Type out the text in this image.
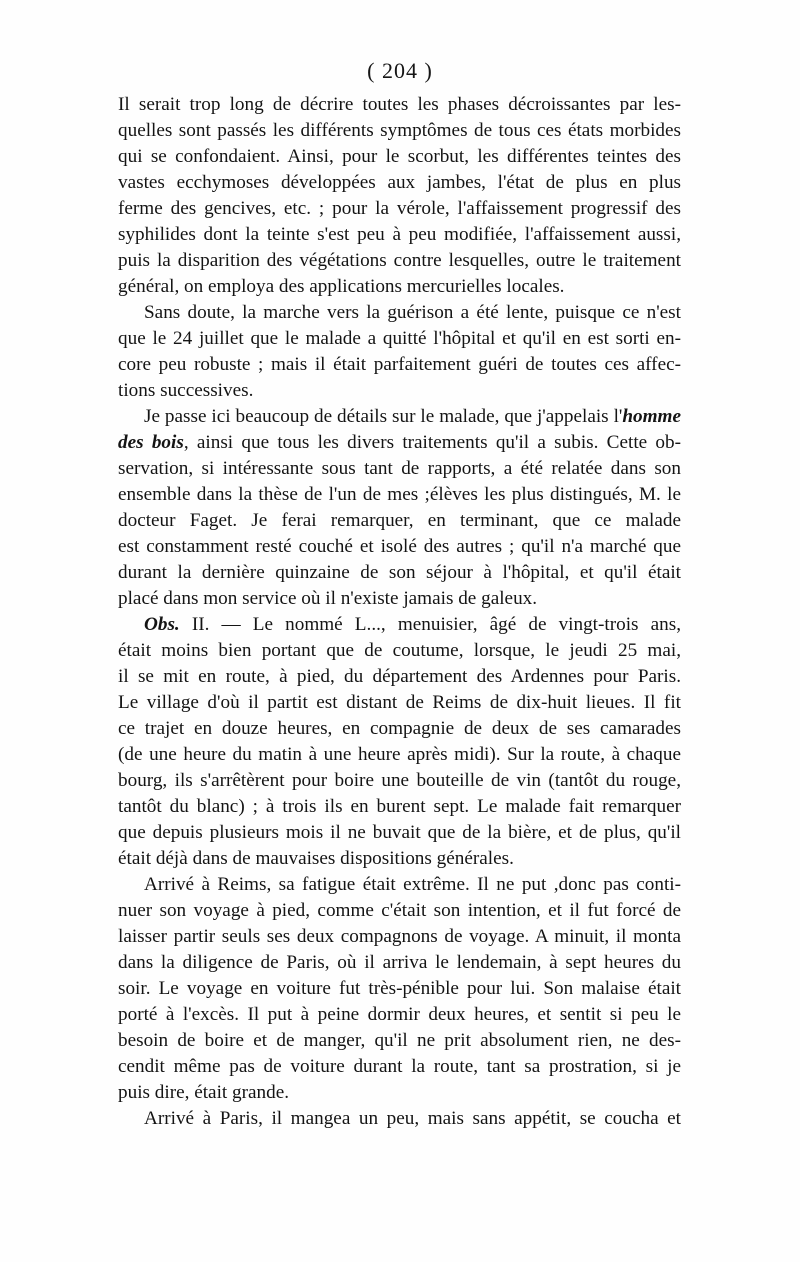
( 204 )

Il serait trop long de décrire toutes les phases décroissantes par les-
quelles sont passés les différents symptômes de tous ces états morbides
qui se confondaient. Ainsi, pour le scorbut, les différentes teintes des
vastes ecchymoses développées aux jambes, l'état de plus en plus
ferme des gencives, etc. ; pour la vérole, l'affaissement progressif des
syphilides dont la teinte s'est peu à peu modifiée, l'affaissement aussi,
puis la disparition des végétations contre lesquelles, outre le traitement
général, on employa des applications mercurielles locales.

Sans doute, la marche vers la guérison a été lente, puisque ce n'est
que le 24 juillet que le malade a quitté l'hôpital et qu'il en est sorti en-
core peu robuste ; mais il était parfaitement guéri de toutes ces affec-
tions successives.

Je passe ici beaucoup de détails sur le malade, que j'appelais l'homme
des bois, ainsi que tous les divers traitements qu'il a subis. Cette ob-
servation, si intéressante sous tant de rapports, a été relatée dans son
ensemble dans la thèse de l'un de mes ;élèves les plus distingués, M. le
docteur Faget. Je ferai remarquer, en terminant, que ce malade
est constamment resté couché et isolé des autres ; qu'il n'a marché que
durant la dernière quinzaine de son séjour à l'hôpital, et qu'il était
placé dans mon service où il n'existe jamais de galeux.

Obs. II. — Le nommé L..., menuisier, âgé de vingt-trois ans,
était moins bien portant que de coutume, lorsque, le jeudi 25 mai,
il se mit en route, à pied, du département des Ardennes pour Paris.
Le village d'où il partit est distant de Reims de dix-huit lieues. Il fit
ce trajet en douze heures, en compagnie de deux de ses camarades
(de une heure du matin à une heure après midi). Sur la route, à chaque
bourg, ils s'arrêtèrent pour boire une bouteille de vin (tantôt du rouge,
tantôt du blanc) ; à trois ils en burent sept. Le malade fait remarquer
que depuis plusieurs mois il ne buvait que de la bière, et de plus, qu'il
était déjà dans de mauvaises dispositions générales.

Arrivé à Reims, sa fatigue était extrême. Il ne put ,donc pas conti-
nuer son voyage à pied, comme c'était son intention, et il fut forcé de
laisser partir seuls ses deux compagnons de voyage. A minuit, il monta
dans la diligence de Paris, où il arriva le lendemain, à sept heures du
soir. Le voyage en voiture fut très-pénible pour lui. Son malaise était
porté à l'excès. Il put à peine dormir deux heures, et sentit si peu le
besoin de boire et de manger, qu'il ne prit absolument rien, ne des-
cendit même pas de voiture durant la route, tant sa prostration, si je
puis dire, était grande.

Arrivé à Paris, il mangea un peu, mais sans appétit, se coucha et
